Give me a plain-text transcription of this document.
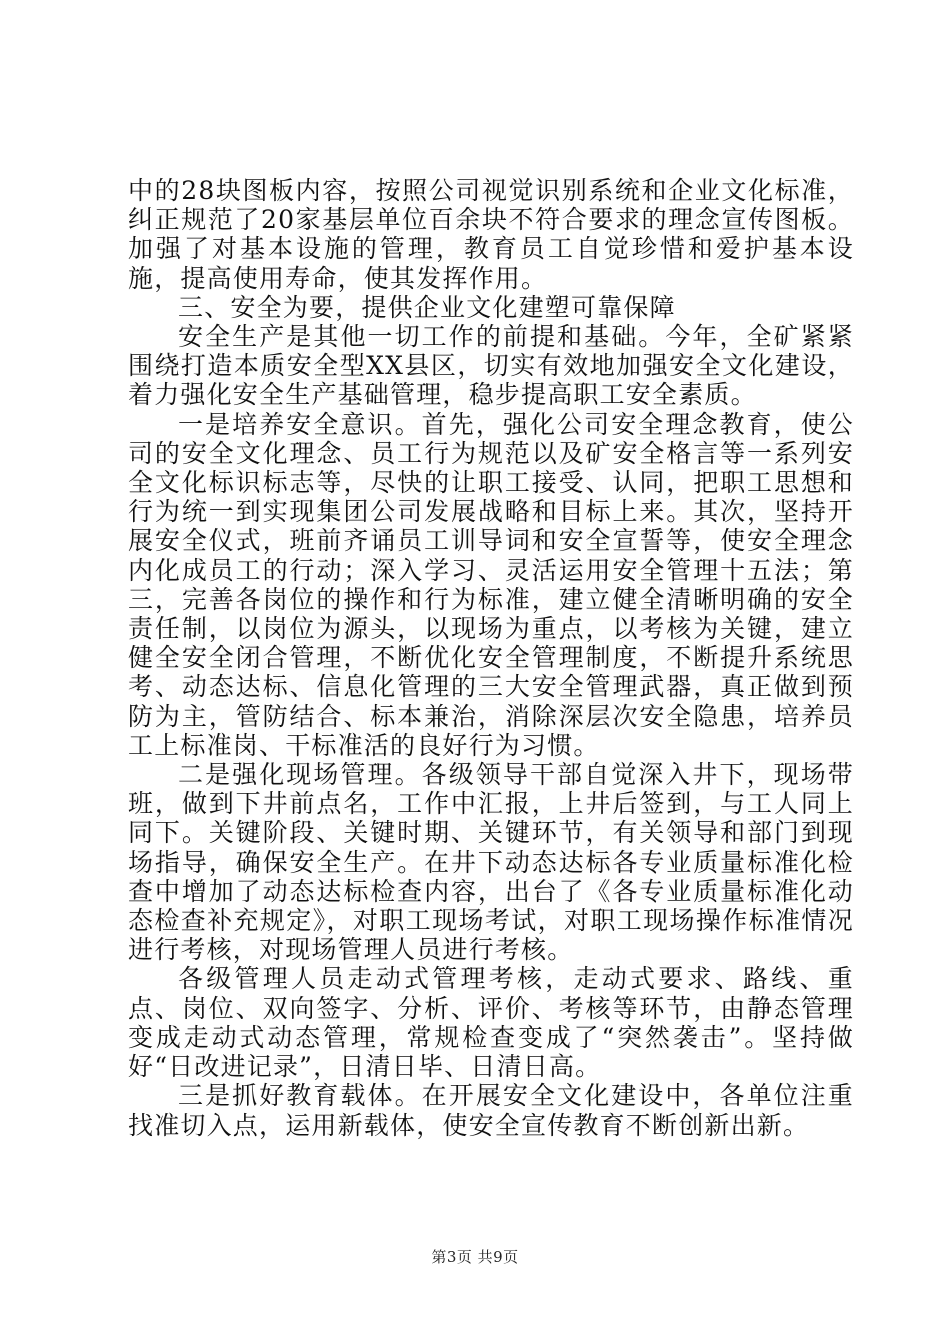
中的28块图板内容，按照公司视觉识别系统和企业文化标准，纠正规范了20家基层单位百余块不符合要求的理念宣传图板。加强了对基本设施的管理，教育员工自觉珍惜和爱护基本设施，提高使用寿命，使其发挥作用。

三、安全为要，提供企业文化建塑可靠保障

安全生产是其他一切工作的前提和基础。今年，全矿紧紧围绕打造本质安全型XX县区，切实有效地加强安全文化建设，着力强化安全生产基础管理，稳步提高职工安全素质。

一是培养安全意识。首先，强化公司安全理念教育，使公司的安全文化理念、员工行为规范以及矿安全格言等一系列安全文化标识标志等，尽快的让职工接受、认同，把职工思想和行为统一到实现集团公司发展战略和目标上来。其次，坚持开展安全仪式，班前齐诵员工训导词和安全宣誓等，使安全理念内化成员工的行动；深入学习、灵活运用安全管理十五法；第三，完善各岗位的操作和行为标准，建立健全清晰明确的安全责任制，以岗位为源头，以现场为重点，以考核为关键，建立健全安全闭合管理，不断优化安全管理制度，不断提升系统思考、动态达标、信息化管理的三大安全管理武器，真正做到预防为主，管防结合、标本兼治，消除深层次安全隐患，培养员工上标准岗、干标准活的良好行为习惯。

二是强化现场管理。各级领导干部自觉深入井下，现场带班，做到下井前点名，工作中汇报，上井后签到，与工人同上同下。关键阶段、关键时期、关键环节，有关领导和部门到现场指导，确保安全生产。在井下动态达标各专业质量标准化检查中增加了动态达标检查内容，出台了《各专业质量标准化动态检查补充规定》，对职工现场考试，对职工现场操作标准情况进行考核，对现场管理人员进行考核。

各级管理人员走动式管理考核，走动式要求、路线、重点、岗位、双向签字、分析、评价、考核等环节，由静态管理变成走动式动态管理，常规检查变成了“突然袭击”。坚持做好“日改进记录”，日清日毕、日清日高。

三是抓好教育载体。在开展安全文化建设中，各单位注重找准切入点，运用新载体，使安全宣传教育不断创新出新。

第3页 共9页
